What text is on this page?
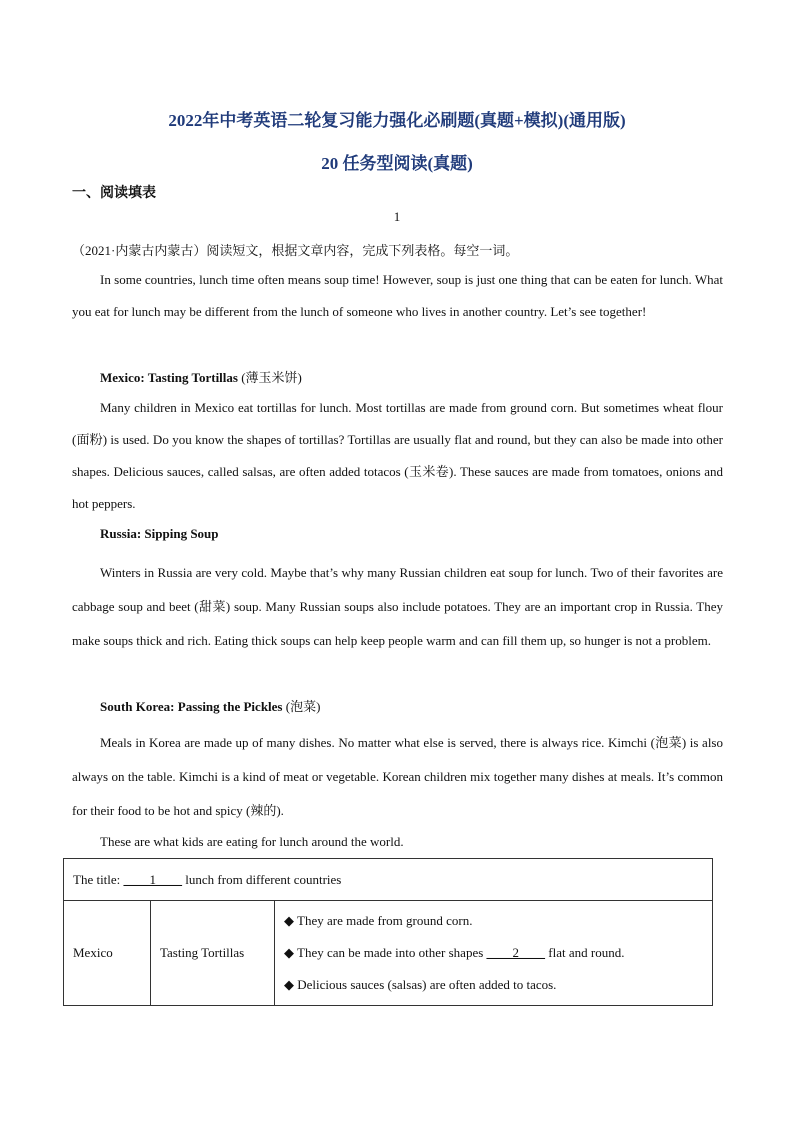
2022年中考英语二轮复习能力强化必刷题(真题+模拟)(通用版)
20 任务型阅读(真题)
一、阅读填表
1
（2021·内蒙古内蒙古）阅读短文，根据文章内容，完成下列表格。每空一词。
In some countries, lunch time often means soup time! However, soup is just one thing that can be eaten for lunch. What you eat for lunch may be different from the lunch of someone who lives in another country. Let’s see together!
Mexico: Tasting Tortillas (薄玉米饼)
Many children in Mexico eat tortillas for lunch. Most tortillas are made from ground corn. But sometimes wheat flour (面粉) is used. Do you know the shapes of tortillas? Tortillas are usually flat and round, but they can also be made into other shapes. Delicious sauces, called salsas, are often added totacos (玉米卷). These sauces are made from tomatoes, onions and hot peppers.
Russia: Sipping Soup
Winters in Russia are very cold. Maybe that’s why many Russian children eat soup for lunch. Two of their favorites are cabbage soup and beet (甜菜) soup. Many Russian soups also include potatoes. They are an important crop in Russia. They make soups thick and rich. Eating thick soups can help keep people warm and can fill them up, so hunger is not a problem.
South Korea: Passing the Pickles (泡菜)
Meals in Korea are made up of many dishes. No matter what else is served, there is always rice. Kimchi (泡菜) is also always on the table. Kimchi is a kind of meat or vegetable. Korean children mix together many dishes at meals. It’s common for their food to be hot and spicy (辣的).
These are what kids are eating for lunch around the world.
The title: ____1____ lunch from different countries
Mexico	Tasting Tortillas	
◆ They are made from ground corn.
◆ They can be made into other shapes ____2____ flat and round.
◆ Delicious sauces (salsas) are often added to tacos.
